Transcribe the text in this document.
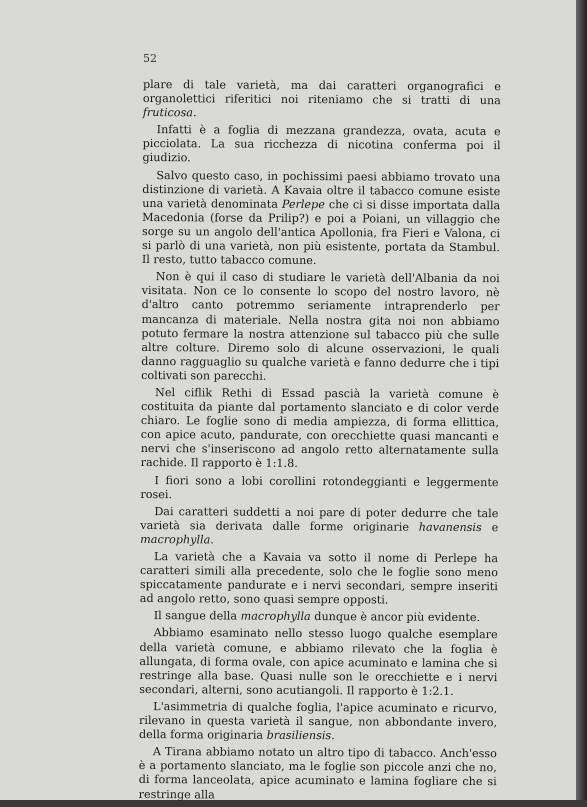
52

plare di tale varietà, ma dai caratteri organografici e organolettici riferitici noi riteniamo che si tratti di una fruticosa.

Infatti è a foglia di mezzana grandezza, ovata, acuta e picciolata. La sua ricchezza di nicotina conferma poi il giudizio.

Salvo questo caso, in pochissimi paesi abbiamo trovato una distinzione di varietà. A Kavaia oltre il tabacco comune esiste una varietà denominata Perlepe che ci si disse importata dalla Macedonia (forse da Prilip?) e poi a Poiani, un villaggio che sorge su un angolo dell'antica Apollonia, fra Fieri e Valona, ci si parlò di una varietà, non più esistente, portata da Stambul. Il resto, tutto tabacco comune.

Non è qui il caso di studiare le varietà dell'Albania da noi visitata. Non ce lo consente lo scopo del nostro lavoro, nè d'altro canto potremmo seriamente intraprenderlo per mancanza di materiale. Nella nostra gita noi non abbiamo potuto fermare la nostra attenzione sul tabacco più che sulle altre colture. Diremo solo di alcune osservazioni, le quali danno ragguaglio su qualche varietà e fanno dedurre che i tipi coltivati son parecchi.

Nel ciflik Rethi di Essad pascià la varietà comune è costituita da piante dal portamento slanciato e di color verde chiaro. Le foglie sono di media ampiezza, di forma ellittica, con apice acuto, pandurate, con orecchiette quasi mancanti e nervi che s'inseriscono ad angolo retto alternatamente sulla rachide. Il rapporto è 1:1.8.

I fiori sono a lobi corollini rotondeggianti e leggermente rosei.

Dai caratteri suddetti a noi pare di poter dedurre che tale varietà sia derivata dalle forme originarie havanensis e macrophylla.

La varietà che a Kavaia va sotto il nome di Perlepe ha caratteri simili alla precedente, solo che le foglie sono meno spiccatamente pandurate e i nervi secondari, sempre inseriti ad angolo retto, sono quasi sempre opposti.

Il sangue della macrophylla dunque è ancor più evidente.

Abbiamo esaminato nello stesso luogo qualche esemplare della varietà comune, e abbiamo rilevato che la foglia è allungata, di forma ovale, con apice acuminato e lamina che si restringe alla base. Quasi nulle son le orecchiette e i nervi secondari, alterni, sono acutiangoli. Il rapporto è 1:2.1.

L'asimmetria di qualche foglia, l'apice acuminato e ricurvo, rilevano in questa varietà il sangue, non abbondante invero, della forma originaria brasiliensis.

A Tirana abbiamo notato un altro tipo di tabacco. Anch'esso è a portamento slanciato, ma le foglie son piccole anzi che no, di forma lanceolata, apice acuminato e lamina fogliare che si restringe alla
